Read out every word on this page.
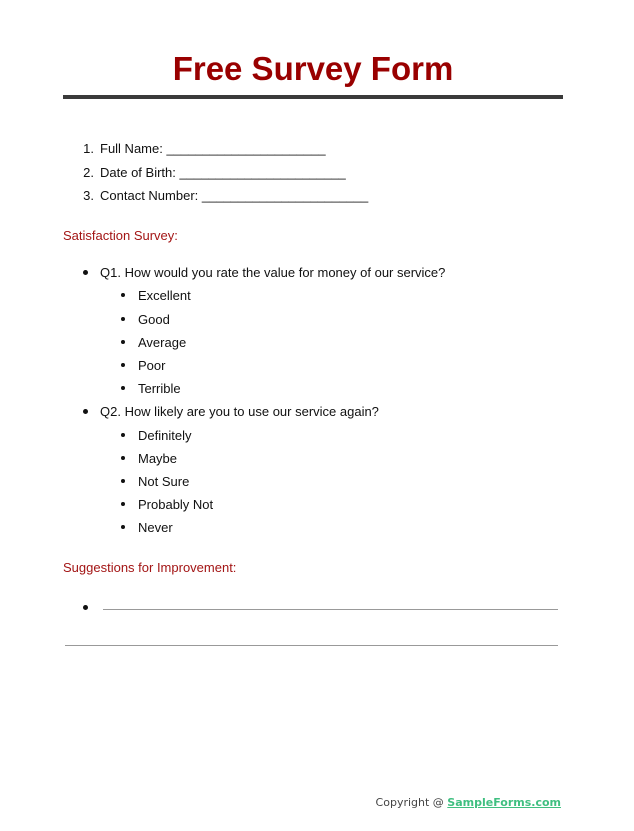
Free Survey Form
Satisfaction Survey:
Suggestions for Improvement:
Copyright @ SampleForms.com
1. Full Name: ______________________
2. Date of Birth: _______________________
3. Contact Number: _______________________
Q1. How would you rate the value for money of our service?
Excellent
Good
Average
Poor
Terrible
Q2. How likely are you to use our service again?
Definitely
Maybe
Not Sure
Probably Not
Never
